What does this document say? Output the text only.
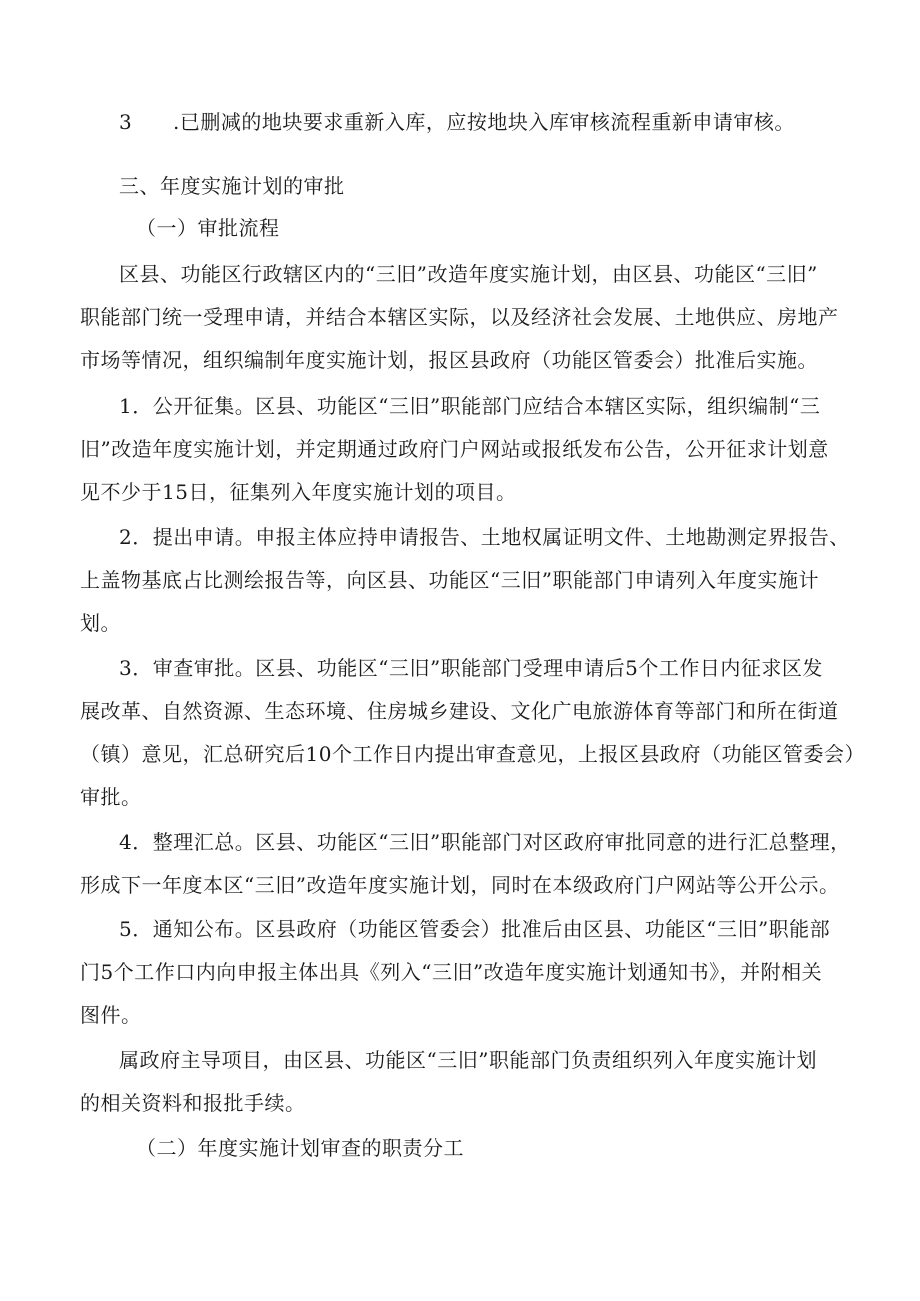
3 .已删减的地块要求重新入库，应按地块入库审核流程重新申请审核。
三、年度实施计划的审批
（一）审批流程
区县、功能区行政辖区内的“三旧”改造年度实施计划，由区县、功能区“三旧”
职能部门统一受理申请，并结合本辖区实际，以及经济社会发展、土地供应、房地产
市场等情况，组织编制年度实施计划，报区县政府（功能区管委会）批准后实施。
1．公开征集。区县、功能区“三旧”职能部门应结合本辖区实际，组织编制“三
旧”改造年度实施计划，并定期通过政府门户网站或报纸发布公告，公开征求计划意
见不少于15日，征集列入年度实施计划的项目。
2．提出申请。申报主体应持申请报告、土地权属证明文件、土地勘测定界报告、
上盖物基底占比测绘报告等，向区县、功能区“三旧”职能部门申请列入年度实施计
划。
3．审查审批。区县、功能区“三旧”职能部门受理申请后5个工作日内征求区发
展改革、自然资源、生态环境、住房城乡建设、文化广电旅游体育等部门和所在街道
（镇）意见，汇总研究后10个工作日内提出审查意见，上报区县政府（功能区管委会）
审批。
4．整理汇总。区县、功能区“三旧”职能部门对区政府审批同意的进行汇总整理，
形成下一年度本区“三旧”改造年度实施计划，同时在本级政府门户网站等公开公示。
5．通知公布。区县政府（功能区管委会）批准后由区县、功能区“三旧”职能部
门5个工作口内向申报主体出具《列入“三旧”改造年度实施计划通知书》，并附相关
图件。
属政府主导项目，由区县、功能区“三旧”职能部门负责组织列入年度实施计划
的相关资料和报批手续。
（二）年度实施计划审查的职责分工
